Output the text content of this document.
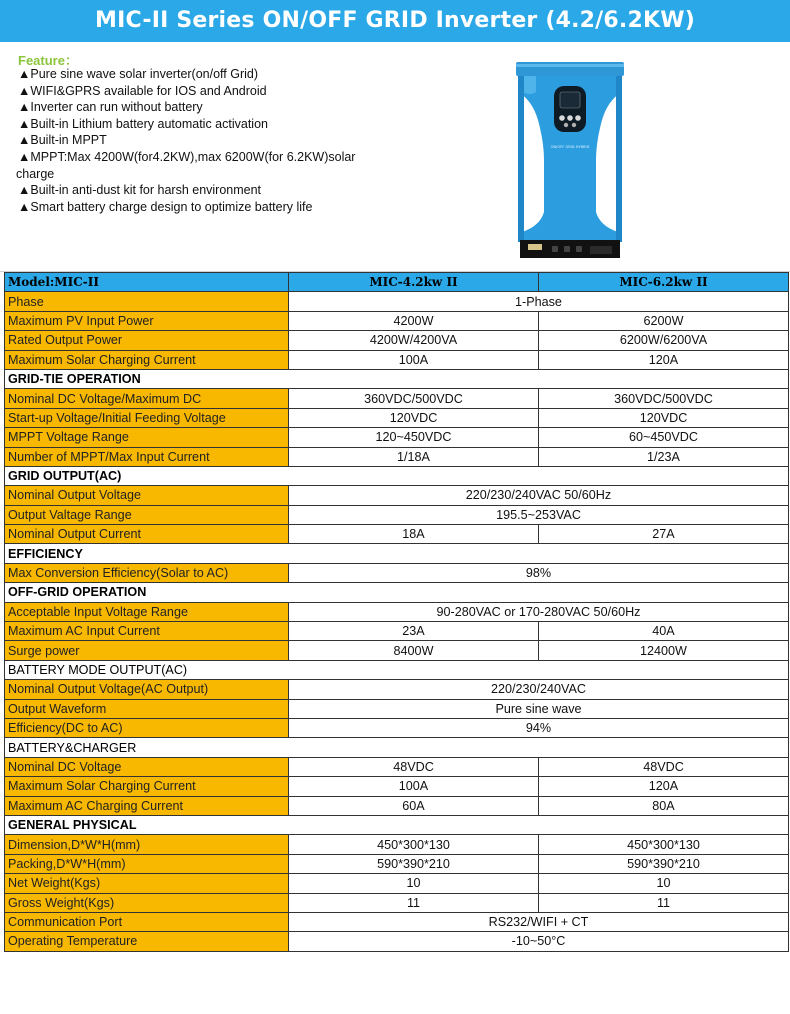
MIC-II Series ON/OFF GRID Inverter (4.2/6.2KW)
Feature：
▲Pure sine wave solar inverter(on/off Grid)
▲WIFI&GPRS available for IOS and Android
▲Inverter can run without battery
▲Built-in Lithium battery automatic activation
▲Built-in MPPT
▲MPPT:Max 4200W(for4.2KW),max 6200W(for 6.2KW)solar
charge
▲Built-in anti-dust kit for harsh environment
▲Smart battery charge design to optimize battery life
ON/OFF GRID HYBRID
Model:MIC-II	MIC-4.2kw II	MIC-6.2kw II
Phase	1-Phase	
Maximum PV Input Power	4200W	6200W
Rated Output Power	4200W/4200VA	6200W/6200VA
Maximum Solar Charging Current	100A	120A
GRID-TIE OPERATION		
Nominal DC Voltage/Maximum DC	360VDC/500VDC	360VDC/500VDC
Start-up Voltage/Initial Feeding Voltage	120VDC	120VDC
MPPT Voltage Range	120~450VDC	60~450VDC
Number of MPPT/Max Input Current	1/18A	1/23A
GRID OUTPUT(AC)		
Nominal Output Voltage	220/230/240VAC 50/60Hz	
Output Valtage Range	195.5~253VAC	
Nominal Output Current	18A	27A
EFFICIENCY		
Max Conversion Efficiency(Solar to AC)	98%	
OFF-GRID OPERATION		
Acceptable Input Voltage Range	90-280VAC or 170-280VAC 50/60Hz	
Maximum AC Input Current	23A	40A
Surge power	8400W	12400W
BATTERY MODE OUTPUT(AC)		
Nominal Output Voltage(AC Output)	220/230/240VAC	
Output Waveform	Pure sine wave	
Efficiency(DC to AC)	94%	
BATTERY&CHARGER		
Nominal DC Voltage	48VDC	48VDC
Maximum Solar Charging Current	100A	120A
Maximum AC Charging Current	60A	80A
GENERAL PHYSICAL		
Dimension,D*W*H(mm)	450*300*130	450*300*130
Packing,D*W*H(mm)	590*390*210	590*390*210
Net Weight(Kgs)	10	10
Gross Weight(Kgs)	11	11
Communication Port	RS232/WIFI + CT	
Operating Temperature	-10~50°C	
